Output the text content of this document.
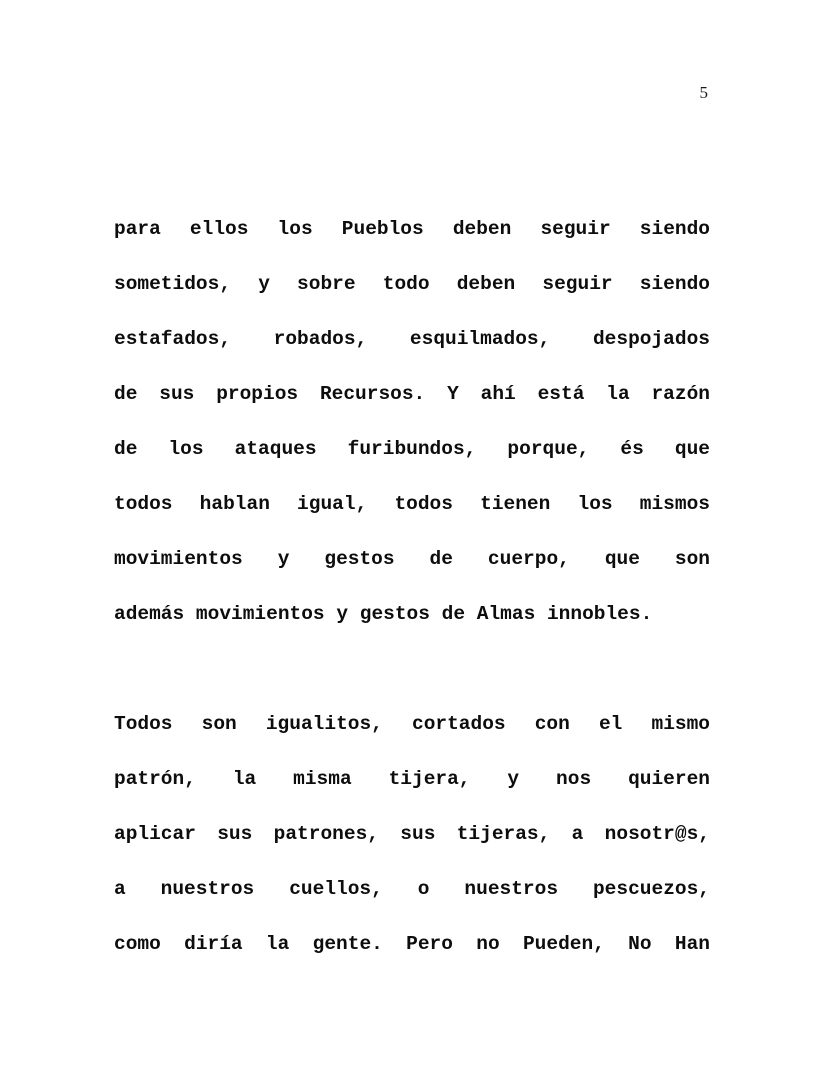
5
para ellos los Pueblos deben seguir siendo
sometidos, y sobre todo deben seguir siendo
estafados, robados, esquilmados, despojados
de sus propios Recursos. Y ahí está la razón
de los ataques furibundos, porque, és que
todos hablan igual, todos tienen los mismos
movimientos y gestos de cuerpo, que son
además movimientos y gestos de Almas innobles.
Todos son igualitos, cortados con el mismo
patrón, la misma tijera, y nos quieren
aplicar sus patrones, sus tijeras, a nosotr@s,
a nuestros cuellos, o nuestros pescuezos,
como diría la gente. Pero no Pueden, No Han
